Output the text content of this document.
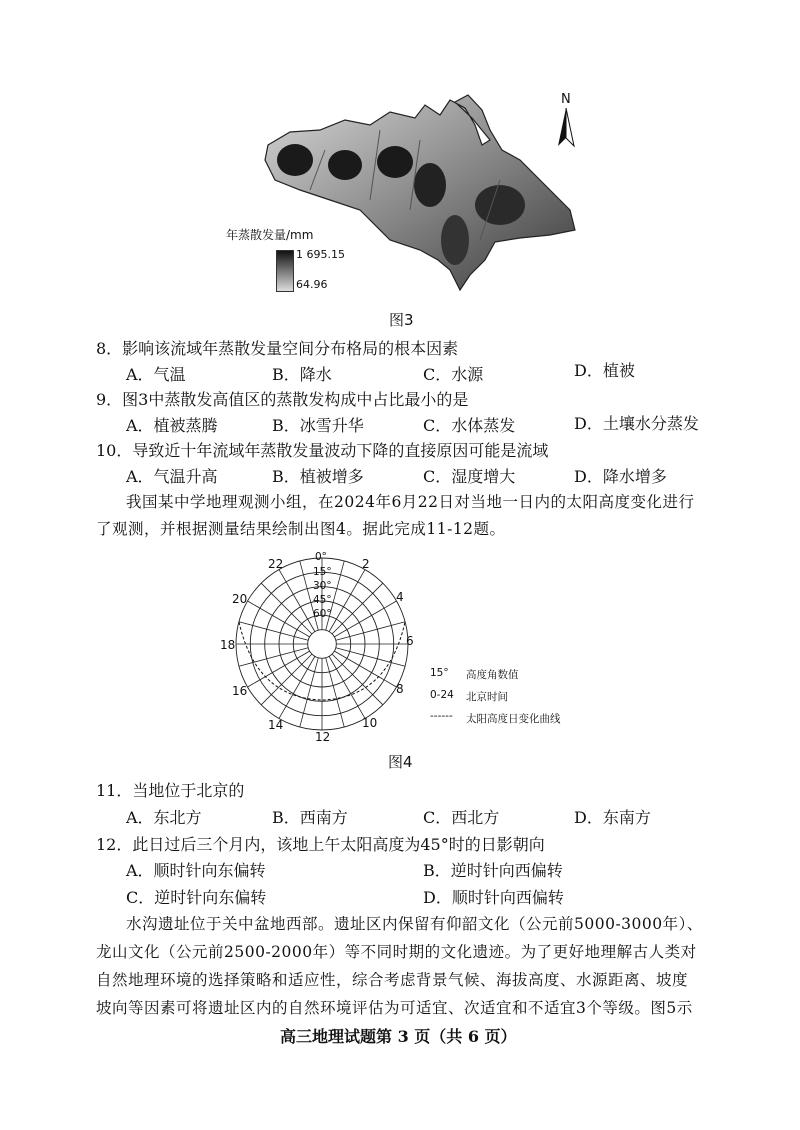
N
年蒸散发量/mm
1 695.15
64.96
图3
8．影响该流域年蒸散发量空间分布格局的根本因素
A．气温	B．降水	C．水源	D．植被
9．图3中蒸散发高值区的蒸散发构成中占比最小的是
A．植被蒸腾	B．冰雪升华	C．水体蒸发	D．土壤水分蒸发
10．导致近十年流域年蒸散发量波动下降的直接原因可能是流域
A．气温升高	B．植被增多	C．湿度增大	D．降水增多
我国某中学地理观测小组，在2024年6月22日对当地一日内的太阳高度变化进行
了观测，并根据测量结果绘制出图4。据此完成11-12题。
0°
15°
30°
45°
60°
22	2
20	4
18	6
16	8
14	10
12
15° 高度角数值
0-24 北京时间
------ 太阳高度日变化曲线
图4
11．当地位于北京的
A．东北方	B．西南方	C．西北方	D．东南方
12．此日过后三个月内，该地上午太阳高度为45°时的日影朝向
A．顺时针向东偏转	B．逆时针向西偏转
C．逆时针向东偏转	D．顺时针向西偏转
水沟遗址位于关中盆地西部。遗址区内保留有仰韶文化（公元前5000-3000年）、
龙山文化（公元前2500-2000年）等不同时期的文化遗迹。为了更好地理解古人类对
自然地理环境的选择策略和适应性，综合考虑背景气候、海拔高度、水源距离、坡度
坡向等因素可将遗址区内的自然环境评估为可适宜、次适宜和不适宜3个等级。图5示
高三地理试题第 3 页（共 6 页）
